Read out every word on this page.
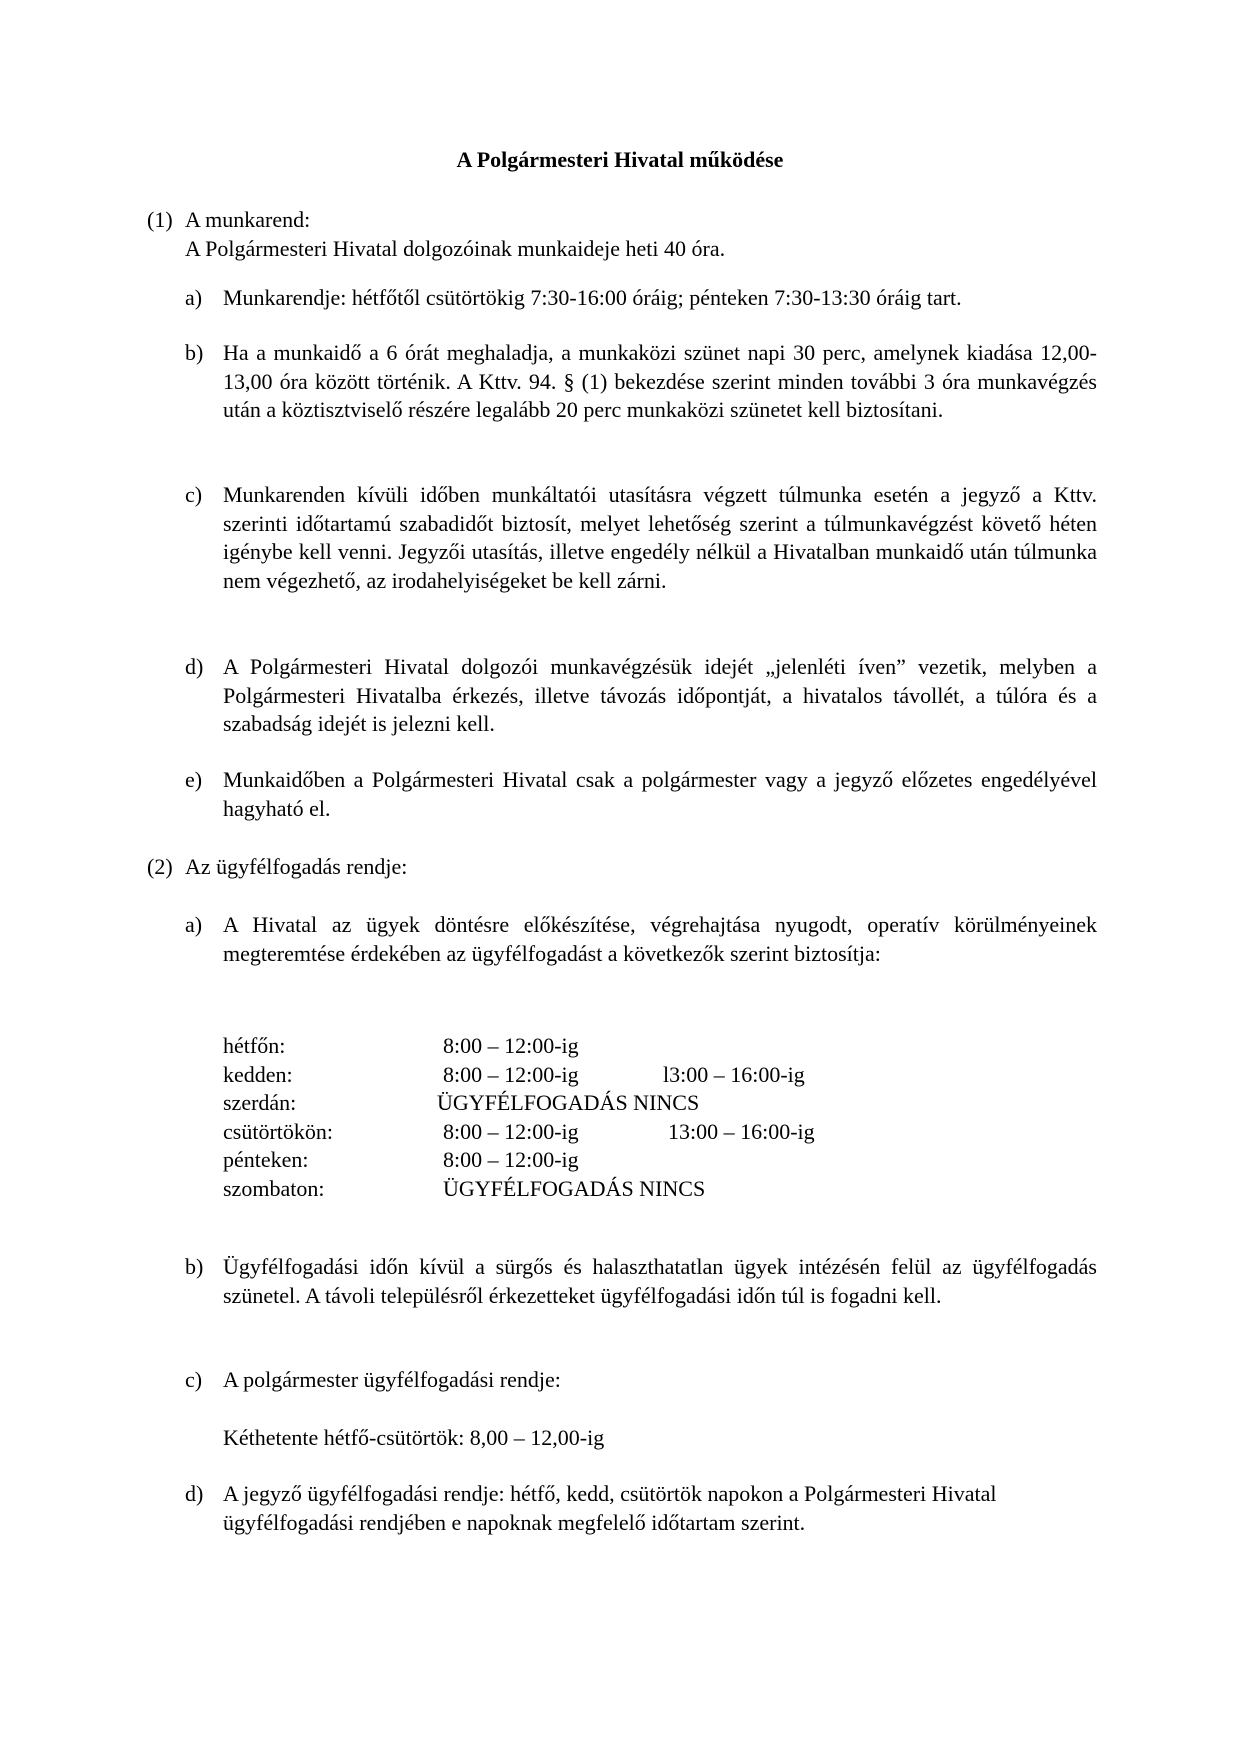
A Polgármesteri Hivatal működése
(1) A munkarend:
A Polgármesteri Hivatal dolgozóinak munkaideje heti 40 óra.
a) Munkarendje: hétfőtől csütörtökig 7:30-16:00 óráig; pénteken 7:30-13:30 óráig tart.
b) Ha a munkaidő a 6 órát meghaladja, a munkaközi szünet napi 30 perc, amelynek kiadása 12,00-13,00 óra között történik. A Kttv. 94. § (1) bekezdése szerint minden további 3 óra munkavégzés után a köztisztviselő részére legalább 20 perc munkaközi szünetet kell biztosítani.
c) Munkarenden kívüli időben munkáltatói utasításra végzett túlmunka esetén a jegyző a Kttv. szerinti időtartamú szabadidőt biztosít, melyet lehetőség szerint a túlmunkavégzést követő héten igénybe kell venni. Jegyzői utasítás, illetve engedély nélkül a Hivatalban munkaidő után túlmunka nem végezhető, az irodahelyiségeket be kell zárni.
d) A Polgármesteri Hivatal dolgozói munkavégzésük idejét „jelenléti íven” vezetik, melyben a Polgármesteri Hivatalba érkezés, illetve távozás időpontját, a hivatalos távollét, a túlóra és a szabadság idejét is jelezni kell.
e) Munkaidőben a Polgármesteri Hivatal csak a polgármester vagy a jegyző előzetes engedélyével hagyható el.
(2) Az ügyfélfogadás rendje:
a) A Hivatal az ügyek döntésre előkészítése, végrehajtása nyugodt, operatív körülményeinek megteremtése érdekében az ügyfélfogadást a következők szerint biztosítja:
hétfőn:	8:00 – 12:00-ig
kedden:	8:00 – 12:00-ig	l3:00 – 16:00-ig
szerdán:	ÜGYFÉLFOGADÁS NINCS
csütörtökön:	8:00 – 12:00-ig	13:00 – 16:00-ig
pénteken:	8:00 – 12:00-ig
szombaton:	ÜGYFÉLFOGADÁS NINCS
b) Ügyfélfogadási időn kívül a sürgős és halaszthatatlan ügyek intézésén felül az ügyfélfogadás szünetel. A távoli településről érkezetteket ügyfélfogadási időn túl is fogadni kell.
c) A polgármester ügyfélfogadási rendje:
Kéthetente hétfő-csütörtök: 8,00 – 12,00-ig
d) A jegyző ügyfélfogadási rendje: hétfő, kedd, csütörtök napokon a Polgármesteri Hivatal ügyfélfogadási rendjében e napoknak megfelelő időtartam szerint.
